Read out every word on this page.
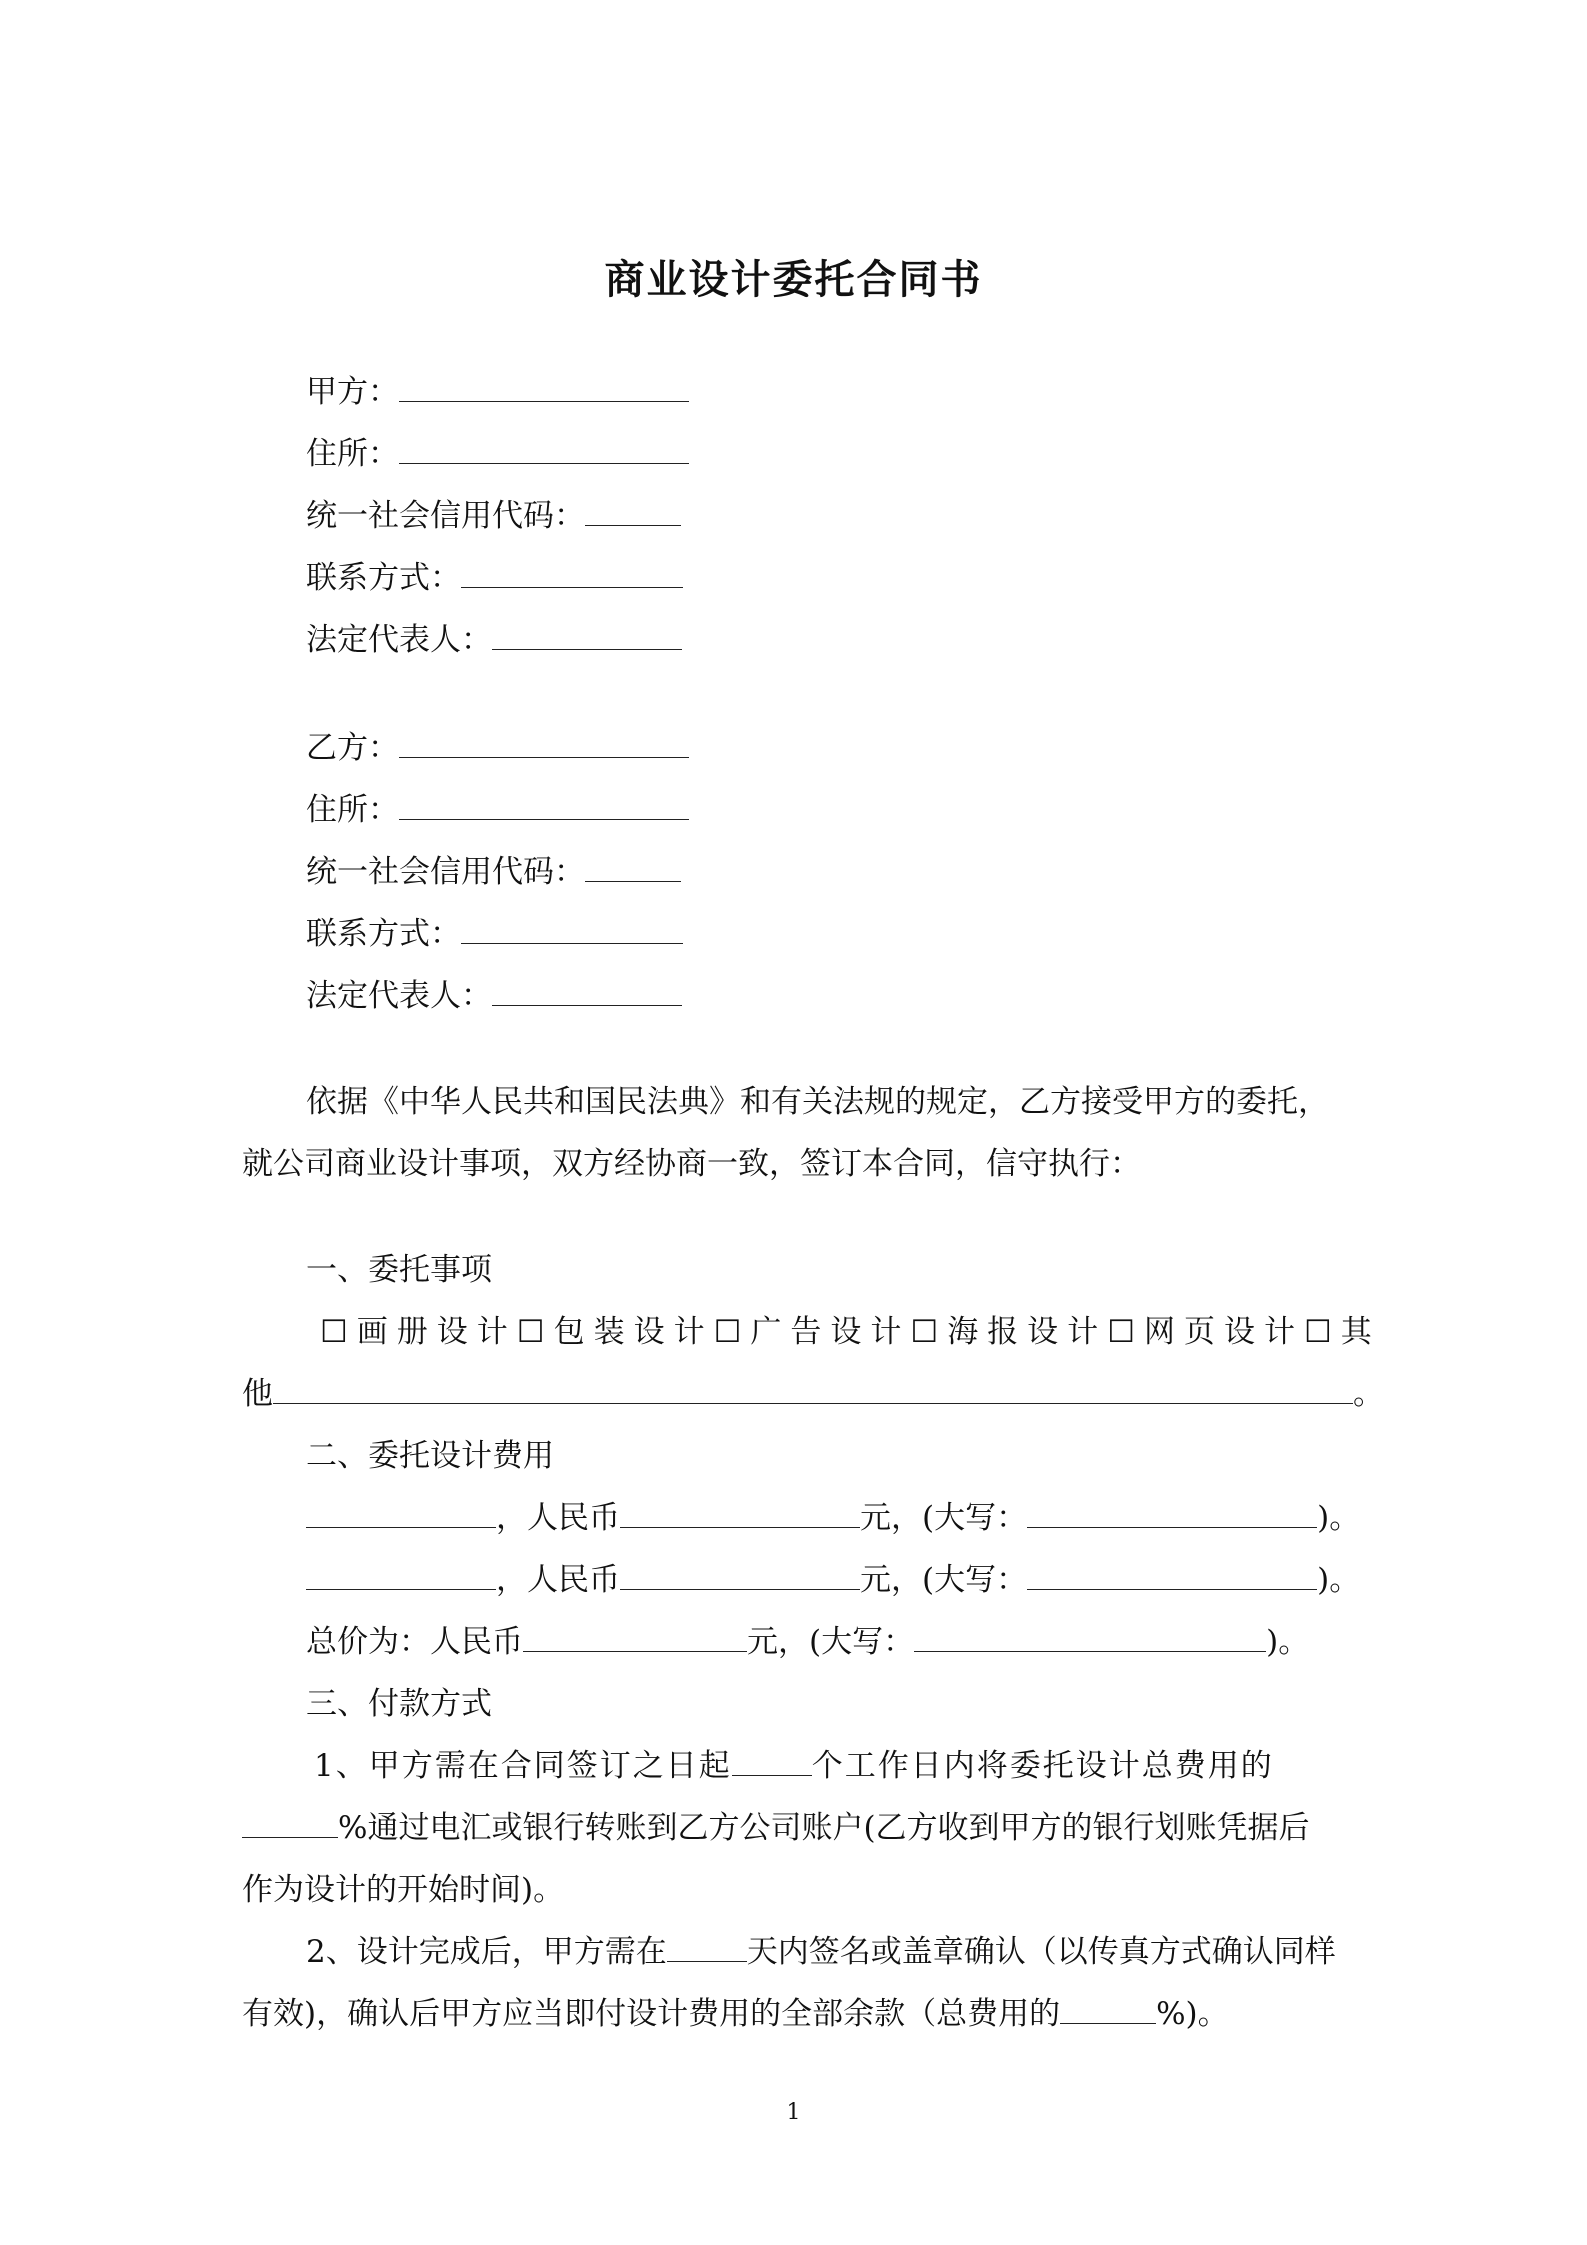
商业设计委托合同书
甲方：
住所：
统一社会信用代码：
联系方式：
法定代表人：
乙方：
住所：
统一社会信用代码：
联系方式：
法定代表人：
依据《中华人民共和国民法典》和有关法规的规定，乙方接受甲方的委托，
就公司商业设计事项，双方经协商一致，签订本合同，信守执行：
一、委托事项
☐画册设计☐包装设计☐广告设计☐海报设计☐网页设计☐其
他	。
二、委托设计费用
，人民币	元，(大写：	)。
，人民币	元，(大写：	)。
总价为：人民币	元，(大写：	)。
三、付款方式
1、甲方需在合同签订之日起	个工作日内将委托设计总费用的
%通过电汇或银行转账到乙方公司账户(乙方收到甲方的银行划账凭据后
作为设计的开始时间)。
2、设计完成后，甲方需在	天内签名或盖章确认（以传真方式确认同样
有效)，确认后甲方应当即付设计费用的全部余款（总费用的	%)。
1
